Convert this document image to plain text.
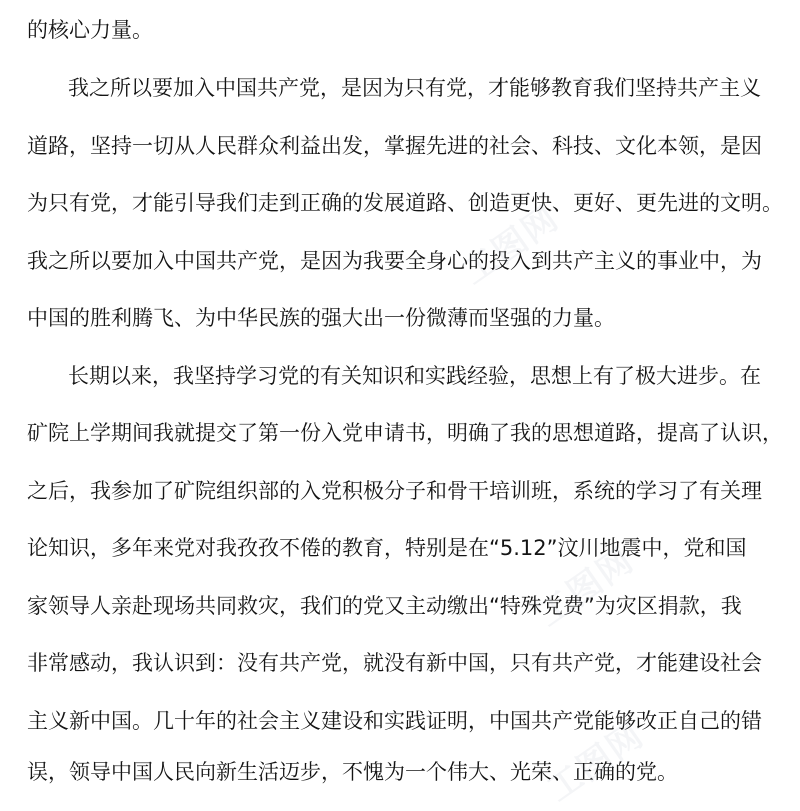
的核心力量。
我之所以要加入中国共产党，是因为只有党，才能够教育我们坚持共产主义
道路，坚持一切从人民群众利益出发，掌握先进的社会、科技、文化本领，是因
为只有党，才能引导我们走到正确的发展道路、创造更快、更好、更先进的文明。
我之所以要加入中国共产党，是因为我要全身心的投入到共产主义的事业中，为
中国的胜利腾飞、为中华民族的强大出一份微薄而坚强的力量。
长期以来，我坚持学习党的有关知识和实践经验，思想上有了极大进步。在
矿院上学期间我就提交了第一份入党申请书，明确了我的思想道路，提高了认识，
之后，我参加了矿院组织部的入党积极分子和骨干培训班，系统的学习了有关理
论知识，多年来党对我孜孜不倦的教育，特别是在“5.12”汶川地震中，党和国
家领导人亲赴现场共同救灾，我们的党又主动缴出“特殊党费”为灾区捐款，我
非常感动，我认识到：没有共产党，就没有新中国，只有共产党，才能建设社会
主义新中国。几十年的社会主义建设和实践证明，中国共产党能够改正自己的错
误，领导中国人民向新生活迈步，不愧为一个伟大、光荣、正确的党。
工图网
工图网
工图网
